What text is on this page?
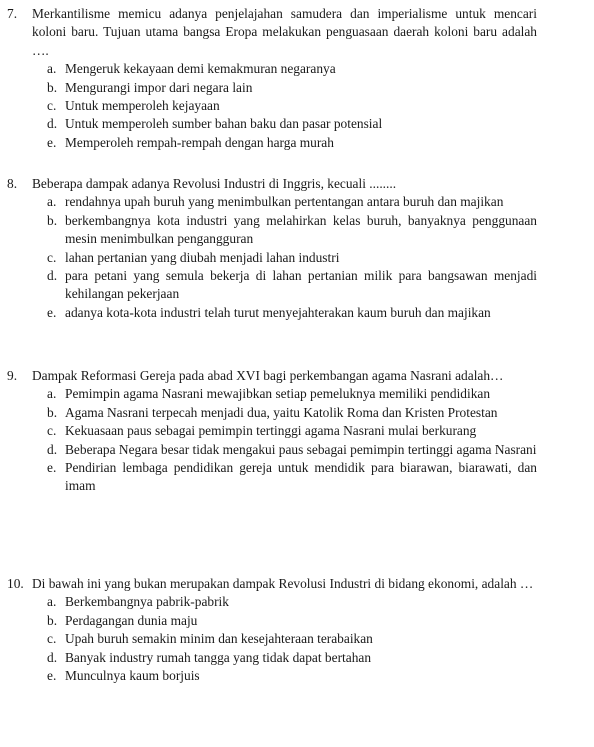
7.	Merkantilisme memicu adanya penjelajahan samudera dan imperialisme untuk mencari koloni baru. Tujuan utama bangsa Eropa melakukan penguasaan daerah koloni baru adalah ….
a. Mengeruk kekayaan demi kemakmuran negaranya
b. Mengurangi impor dari negara lain
c. Untuk memperoleh kejayaan
d. Untuk memperoleh sumber bahan baku dan pasar potensial
e. Memperoleh rempah-rempah dengan harga murah
8.	Beberapa dampak adanya Revolusi Industri di Inggris, kecuali ........
a. rendahnya upah buruh yang menimbulkan pertentangan antara buruh dan majikan
b. berkembangnya kota industri yang melahirkan kelas buruh, banyaknya penggunaan mesin menimbulkan pengangguran
c. lahan pertanian yang diubah menjadi lahan industri
d. para petani yang semula bekerja di lahan pertanian milik para bangsawan menjadi kehilangan pekerjaan
e. adanya kota-kota industri telah turut menyejahterakan kaum buruh dan majikan
9.	Dampak Reformasi Gereja pada abad XVI bagi perkembangan agama Nasrani adalah…
a. Pemimpin agama Nasrani mewajibkan setiap pemeluknya memiliki pendidikan
b. Agama Nasrani terpecah menjadi dua, yaitu Katolik Roma dan Kristen Protestan
c. Kekuasaan paus sebagai pemimpin tertinggi agama Nasrani mulai berkurang
d. Beberapa Negara besar tidak mengakui paus sebagai pemimpin tertinggi agama Nasrani
e. Pendirian lembaga pendidikan gereja untuk mendidik para biarawan, biarawati, dan imam
10. Di bawah ini yang bukan merupakan dampak Revolusi Industri di bidang ekonomi, adalah …
a. Berkembangnya pabrik-pabrik
b. Perdagangan dunia maju
c. Upah buruh semakin minim dan kesejahteraan terabaikan
d. Banyak industry rumah tangga yang tidak dapat bertahan
e. Munculnya kaum borjuis
